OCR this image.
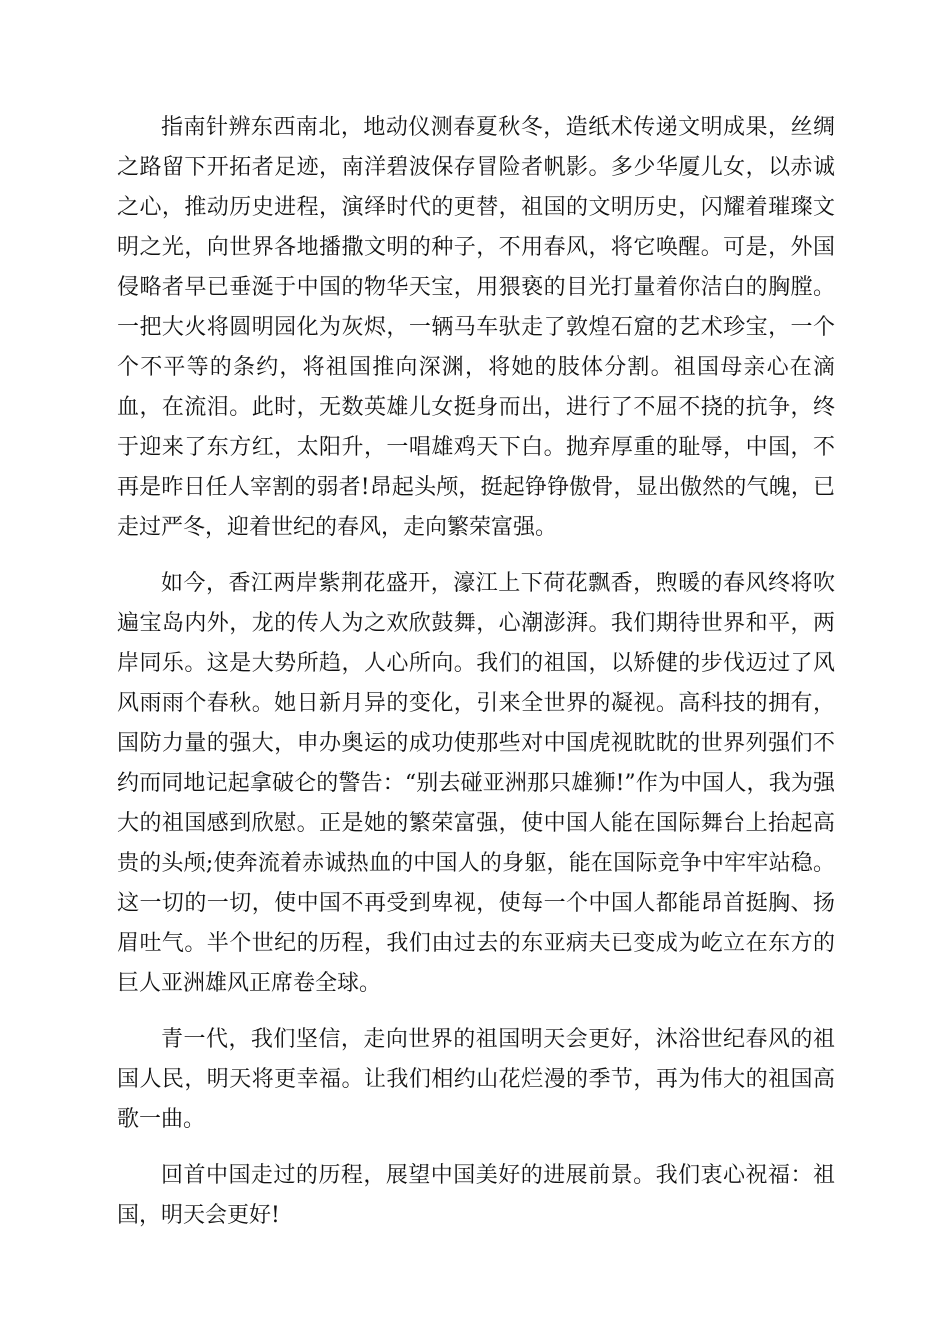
指南针辨东西南北，地动仪测春夏秋冬，造纸术传递文明成果，丝绸之路留下开拓者足迹，南洋碧波保存冒险者帆影。多少华厦儿女，以赤诚之心，推动历史进程，演绎时代的更替，祖国的文明历史，闪耀着璀璨文明之光，向世界各地播撒文明的种子，不用春风，将它唤醒。可是，外国侵略者早已垂涎于中国的物华天宝，用猥亵的目光打量着你洁白的胸膛。一把大火将圆明园化为灰烬，一辆马车驮走了敦煌石窟的艺术珍宝，一个个不平等的条约，将祖国推向深渊，将她的肢体分割。祖国母亲心在滴血，在流泪。此时，无数英雄儿女挺身而出，进行了不屈不挠的抗争，终于迎来了东方红，太阳升，一唱雄鸡天下白。抛弃厚重的耻辱，中国，不再是昨日任人宰割的弱者!昂起头颅，挺起铮铮傲骨，显出傲然的气魄，已走过严冬，迎着世纪的春风，走向繁荣富强。

如今，香江两岸紫荆花盛开，濠江上下荷花飘香，煦暖的春风终将吹遍宝岛内外，龙的传人为之欢欣鼓舞，心潮澎湃。我们期待世界和平，两岸同乐。这是大势所趋，人心所向。我们的祖国，以矫健的步伐迈过了风风雨雨个春秋。她日新月异的变化，引来全世界的凝视。高科技的拥有，国防力量的强大，申办奥运的成功使那些对中国虎视眈眈的世界列强们不约而同地记起拿破仑的警告：“别去碰亚洲那只雄狮!”作为中国人，我为强大的祖国感到欣慰。正是她的繁荣富强，使中国人能在国际舞台上抬起高贵的头颅;使奔流着赤诚热血的中国人的身躯，能在国际竞争中牢牢站稳。这一切的一切，使中国不再受到卑视，使每一个中国人都能昂首挺胸、扬眉吐气。半个世纪的历程，我们由过去的东亚病夫已变成为屹立在东方的巨人亚洲雄风正席卷全球。

青一代，我们坚信，走向世界的祖国明天会更好，沐浴世纪春风的祖国人民，明天将更幸福。让我们相约山花烂漫的季节，再为伟大的祖国高歌一曲。

回首中国走过的历程，展望中国美好的进展前景。我们衷心祝福：祖国，明天会更好!
